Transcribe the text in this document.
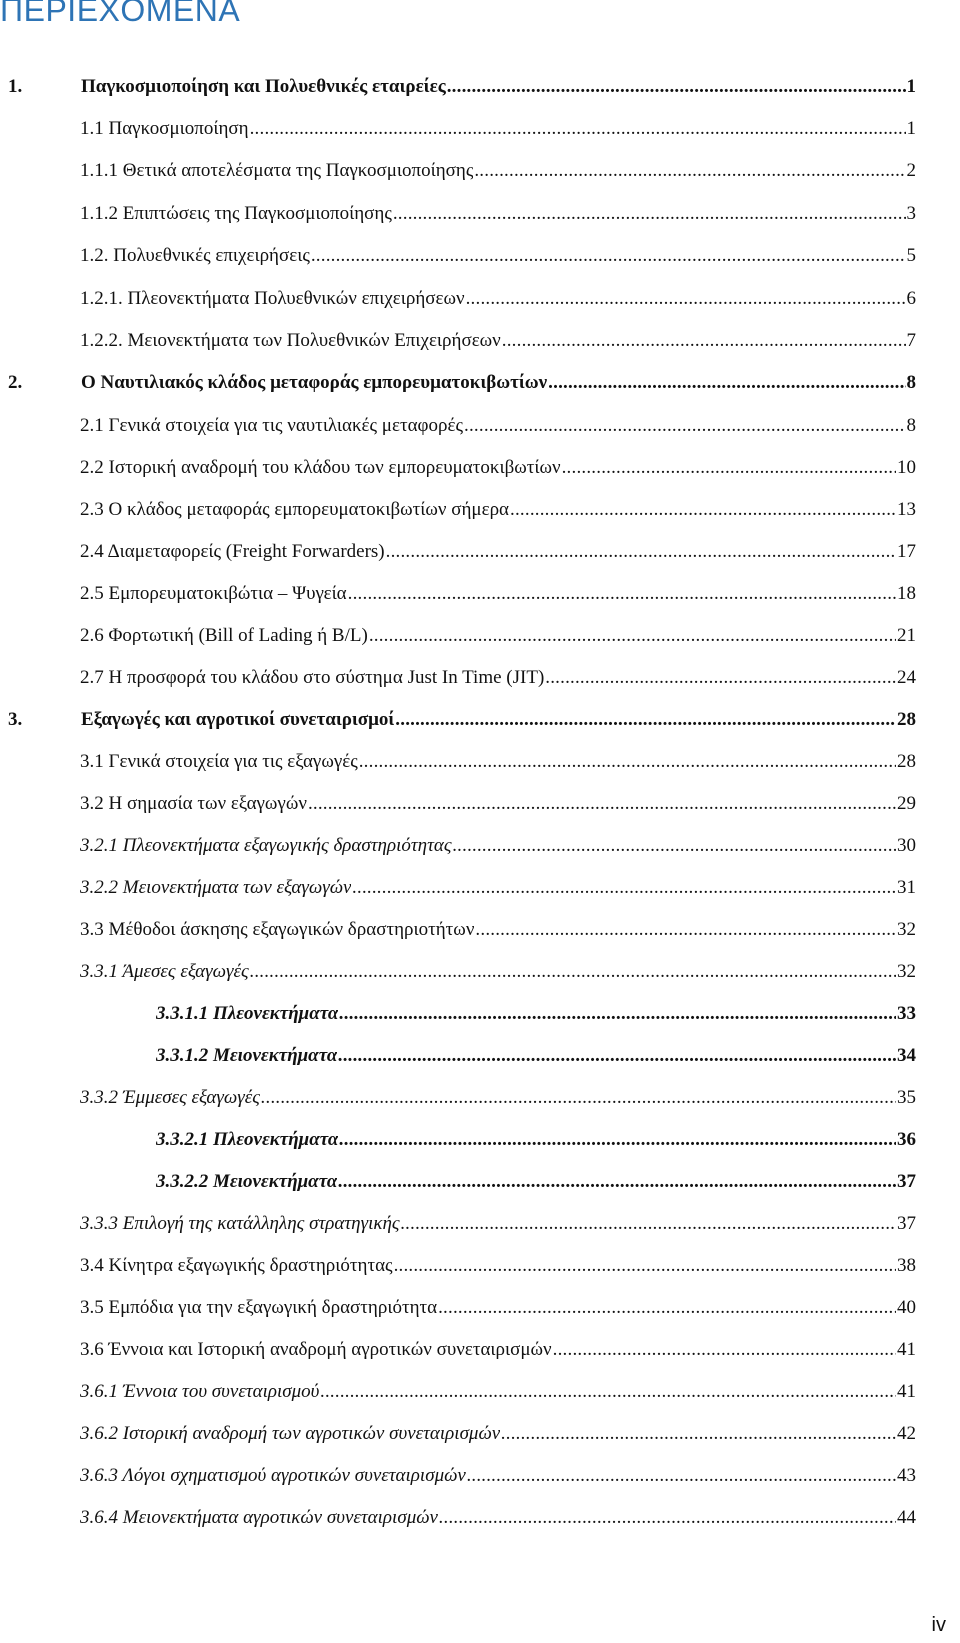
ΠΕΡΙΕΧΟΜΕΝΑ
1.	Παγκοσμιοποίηση και Πολυεθνικές εταιρείες .....	1
1.1 Παγκοσμιοποίηση .....	1
1.1.1 Θετικά αποτελέσματα της Παγκοσμιοποίησης .....	2
1.1.2 Επιπτώσεις της Παγκοσμιοποίησης .....	3
1.2. Πολυεθνικές επιχειρήσεις .....	5
1.2.1. Πλεονεκτήματα Πολυεθνικών επιχειρήσεων .....	6
1.2.2. Μειονεκτήματα των Πολυεθνικών Επιχειρήσεων .....	7
2.	Ο Ναυτιλιακός κλάδος μεταφοράς εμπορευματοκιβωτίων .....	8
2.1 Γενικά στοιχεία για τις ναυτιλιακές μεταφορές .....	8
2.2 Ιστορική αναδρομή του κλάδου των εμπορευματοκιβωτίων .....	10
2.3 Ο κλάδος μεταφοράς εμπορευματοκιβωτίων σήμερα .....	13
2.4 Διαμεταφορείς (Freight Forwarders) .....	17
2.5 Εμπορευματοκιβώτια – Ψυγεία .....	18
2.6 Φορτωτική (Bill of Lading ή B/L) .....	21
2.7 Η προσφορά του κλάδου στο σύστημα Just In Time (JIT) .....	24
3.	Εξαγωγές και αγροτικοί συνεταιρισμοί .....	28
3.1 Γενικά στοιχεία για τις εξαγωγές .....	28
3.2 Η σημασία των εξαγωγών .....	29
3.2.1 Πλεονεκτήματα εξαγωγικής δραστηριότητας .....	30
3.2.2 Μειονεκτήματα των εξαγωγών .....	31
3.3 Μέθοδοι άσκησης εξαγωγικών δραστηριοτήτων .....	32
3.3.1 Άμεσες εξαγωγές .....	32
3.3.1.1 Πλεονεκτήματα .....	33
3.3.1.2 Μειονεκτήματα .....	34
3.3.2 Έμμεσες εξαγωγές .....	35
3.3.2.1 Πλεονεκτήματα .....	36
3.3.2.2 Μειονεκτήματα .....	37
3.3.3 Επιλογή της κατάλληλης στρατηγικής .....	37
3.4 Κίνητρα εξαγωγικής δραστηριότητας .....	38
3.5 Εμπόδια για την εξαγωγική δραστηριότητα .....	40
3.6 Έννοια και Ιστορική αναδρομή αγροτικών συνεταιρισμών .....	41
3.6.1 Έννοια του συνεταιρισμού .....	41
3.6.2 Ιστορική αναδρομή των αγροτικών συνεταιρισμών .....	42
3.6.3 Λόγοι σχηματισμού αγροτικών συνεταιρισμών .....	43
3.6.4 Μειονεκτήματα αγροτικών συνεταιρισμών .....	44
iv
